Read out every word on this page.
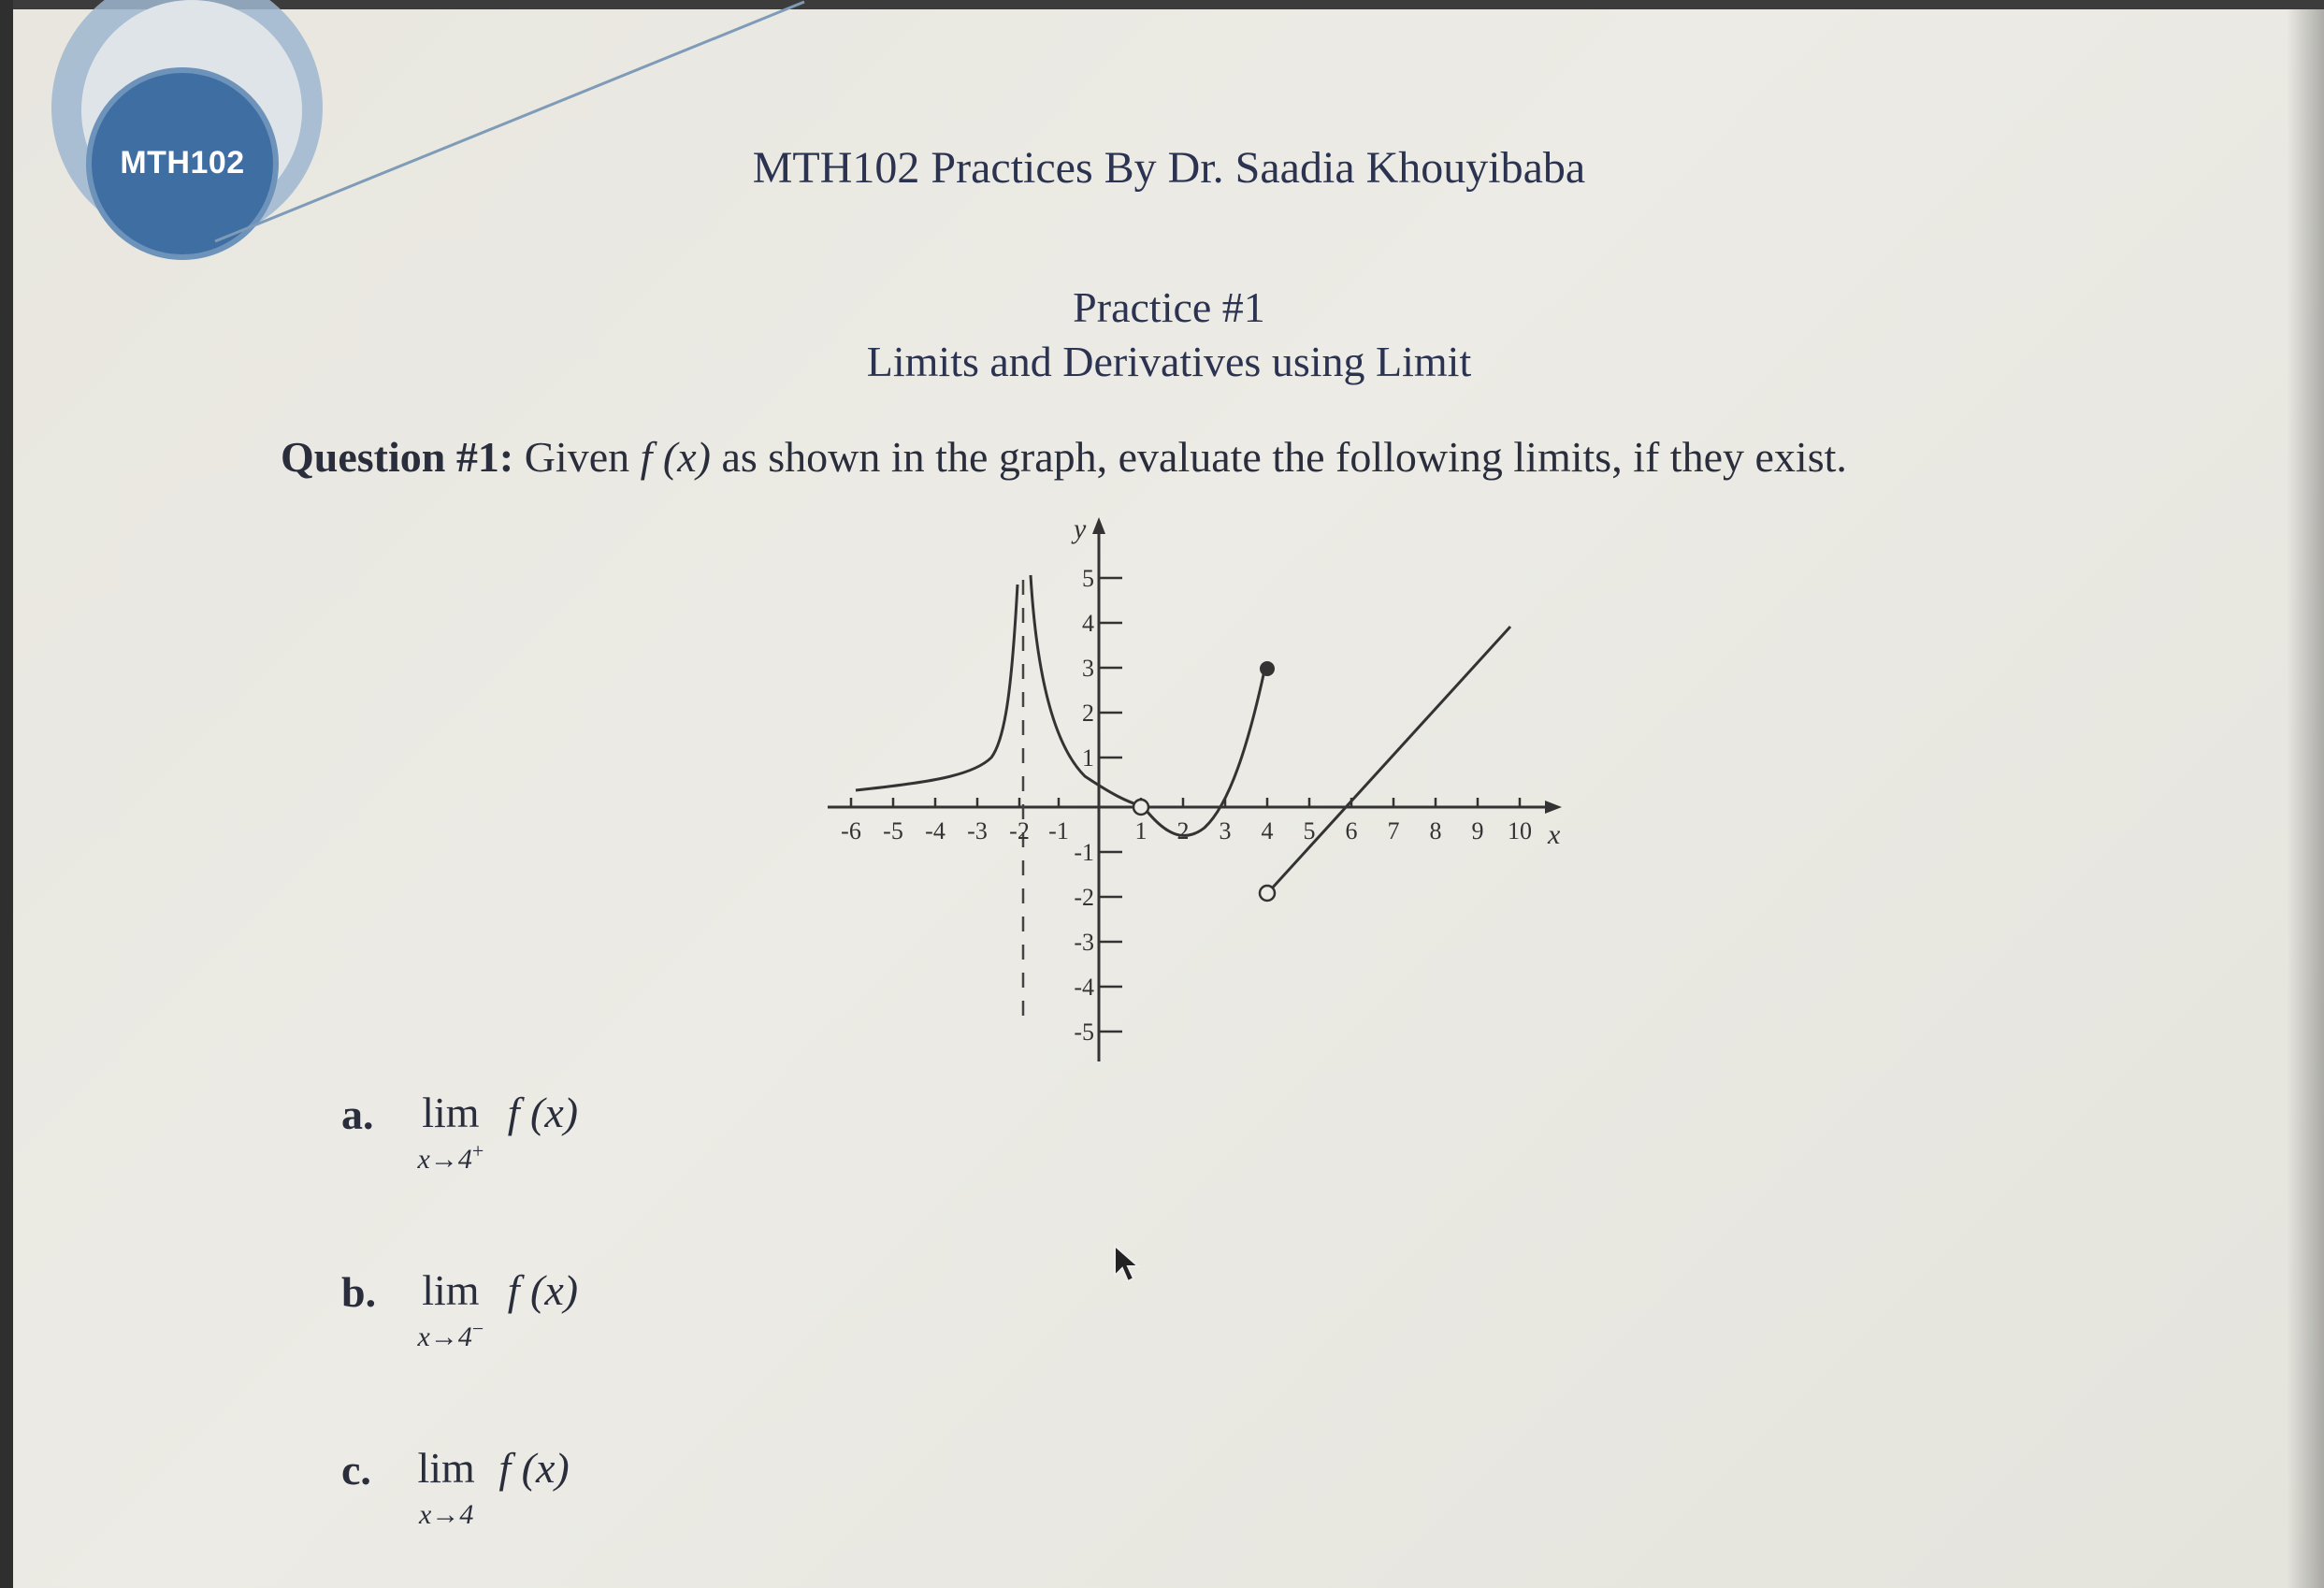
MTH102	MTH102 Practices By Dr. Saadia Khouyibaba
Practice #1
Limits and Derivatives using Limit
Question #1: Given f (x) as shown in the graph, evaluate the following limits, if they exist.
x
y
-6 -5 -4 -3 -2 -1	1 2 3 4 5 6 7 8 9 10
5
4
3
2
1
-1
-2
-3
-4
-5
a. lim
x→4+
f (x)
b. lim
x→4−
f (x)
c. lim
x→4
f (x)
